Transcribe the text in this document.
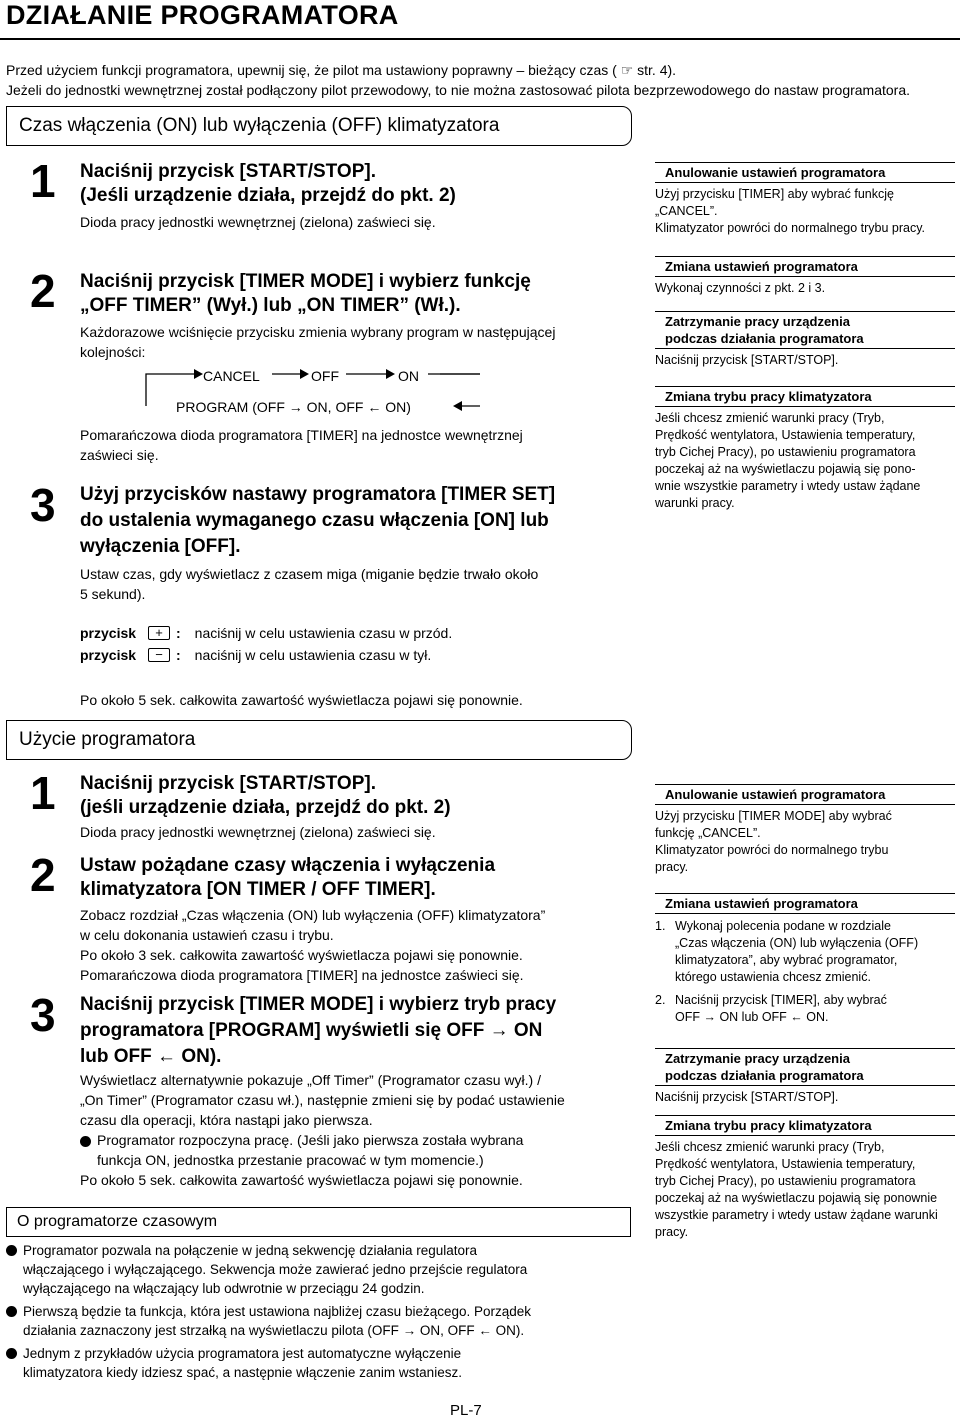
DZIAŁANIE PROGRAMATORA
Przed użyciem funkcji programatora, upewnij się, że pilot ma ustawiony poprawny – bieżący czas ( ☞ str. 4).
Jeżeli do jednostki wewnętrznej został podłączony pilot przewodowy, to nie można zastosować pilota bezprzewodowego do nastaw programatora.
Czas włączenia (ON) lub wyłączenia (OFF) klimatyzatora
1 Naciśnij przycisk [START/STOP].
(Jeśli urządzenie działa, przejdź do pkt. 2)
Dioda pracy jednostki wewnętrznej (zielona) zaświeci się.
2 Naciśnij przycisk [TIMER MODE] i wybierz funkcję
„OFF TIMER” (Wył.) lub „ON TIMER” (Wł.).
Każdorazowe wciśnięcie przycisku zmienia wybrany program w następującej
kolejności:
CANCEL	OFF	ON
PROGRAM (OFF → ON, OFF ← ON)
Pomarańczowa dioda programatora [TIMER] na jednostce wewnętrznej
zaświeci się.
3 Użyj przycisków nastawy programatora [TIMER SET]
do ustalenia wymaganego czasu włączenia [ON] lub
wyłączenia [OFF].
Ustaw czas, gdy wyświetlacz z czasem miga (miganie będzie trwało około
5 sekund).
przycisk	+ : naciśnij w celu ustawienia czasu w przód.
przycisk	− : naciśnij w celu ustawienia czasu w tył.
Po około 5 sek. całkowita zawartość wyświetlacza pojawi się ponownie.
Anulowanie ustawień programatora
Użyj przycisku [TIMER] aby wybrać funkcję
„CANCEL”.
Klimatyzator powróci do normalnego trybu pracy.
Zmiana ustawień programatora
Wykonaj czynności z pkt. 2 i 3.
Zatrzymanie pracy urządzenia
podczas działania programatora
Naciśnij przycisk [START/STOP].
Zmiana trybu pracy klimatyzatora
Jeśli chcesz zmienić warunki pracy (Tryb,
Prędkość wentylatora, Ustawienia temperatury,
tryb Cichej Pracy), po ustawieniu programatora
poczekaj aż na wyświetlaczu pojawią się pono-
wnie wszystkie parametry i wtedy ustaw żądane
warunki pracy.
Użycie programatora
1 Naciśnij przycisk [START/STOP].
(jeśli urządzenie działa, przejdź do pkt. 2)
Dioda pracy jednostki wewnętrznej (zielona) zaświeci się.
2 Ustaw pożądane czasy włączenia i wyłączenia
klimatyzatora [ON TIMER / OFF TIMER].
Zobacz rozdział „Czas włączenia (ON) lub wyłączenia (OFF) klimatyzatora”
w celu dokonania ustawień czasu i trybu.
Po około 3 sek. całkowita zawartość wyświetlacza pojawi się ponownie.
Pomarańczowa dioda programatora [TIMER] na jednostce zaświeci się.
3 Naciśnij przycisk [TIMER MODE] i wybierz tryb pracy
programatora [PROGRAM] wyświetli się OFF → ON
lub OFF ← ON).
Wyświetlacz alternatywnie pokazuje „Off Timer” (Programator czasu wył.) /
„On Timer” (Programator czasu wł.), następnie zmieni się by podać ustawienie
czasu dla operacji, która nastąpi jako pierwsza.
Programator rozpoczyna pracę. (Jeśli jako pierwsza została wybrana
funkcja ON, jednostka przestanie pracować w tym momencie.)
Po około 5 sek. całkowita zawartość wyświetlacza pojawi się ponownie.
Anulowanie ustawień programatora
Użyj przycisku [TIMER MODE] aby wybrać
funkcję „CANCEL”.
Klimatyzator powróci do normalnego trybu
pracy.
Zmiana ustawień programatora
1. Wykonaj polecenia podane w rozdziale
„Czas włączenia (ON) lub wyłączenia (OFF)
klimatyzatora”, aby wybrać programator,
którego ustawienia chcesz zmienić.
2. Naciśnij przycisk [TIMER], aby wybrać
OFF → ON lub OFF ← ON.
Zatrzymanie pracy urządzenia
podczas działania programatora
Naciśnij przycisk [START/STOP].
Zmiana trybu pracy klimatyzatora
Jeśli chcesz zmienić warunki pracy (Tryb,
Prędkość wentylatora, Ustawienia temperatury,
tryb Cichej Pracy), po ustawieniu programatora
poczekaj aż na wyświetlaczu pojawią się ponownie
wszystkie parametry i wtedy ustaw żądane warunki
pracy.
O programatorze czasowym
Programator pozwala na połączenie w jedną sekwencję działania regulatora
włączającego i wyłączającego. Sekwencja może zawierać jedno przejście regulatora
wyłączającego na włączający lub odwrotnie w przeciągu 24 godzin.
Pierwszą będzie ta funkcja, która jest ustawiona najbliżej czasu bieżącego. Porządek
działania zaznaczony jest strzałką na wyświetlaczu pilota (OFF → ON, OFF ← ON).
Jednym z przykładów użycia programatora jest automatyczne wyłączenie
klimatyzatora kiedy idziesz spać, a następnie włączenie zanim wstaniesz.
PL-7
